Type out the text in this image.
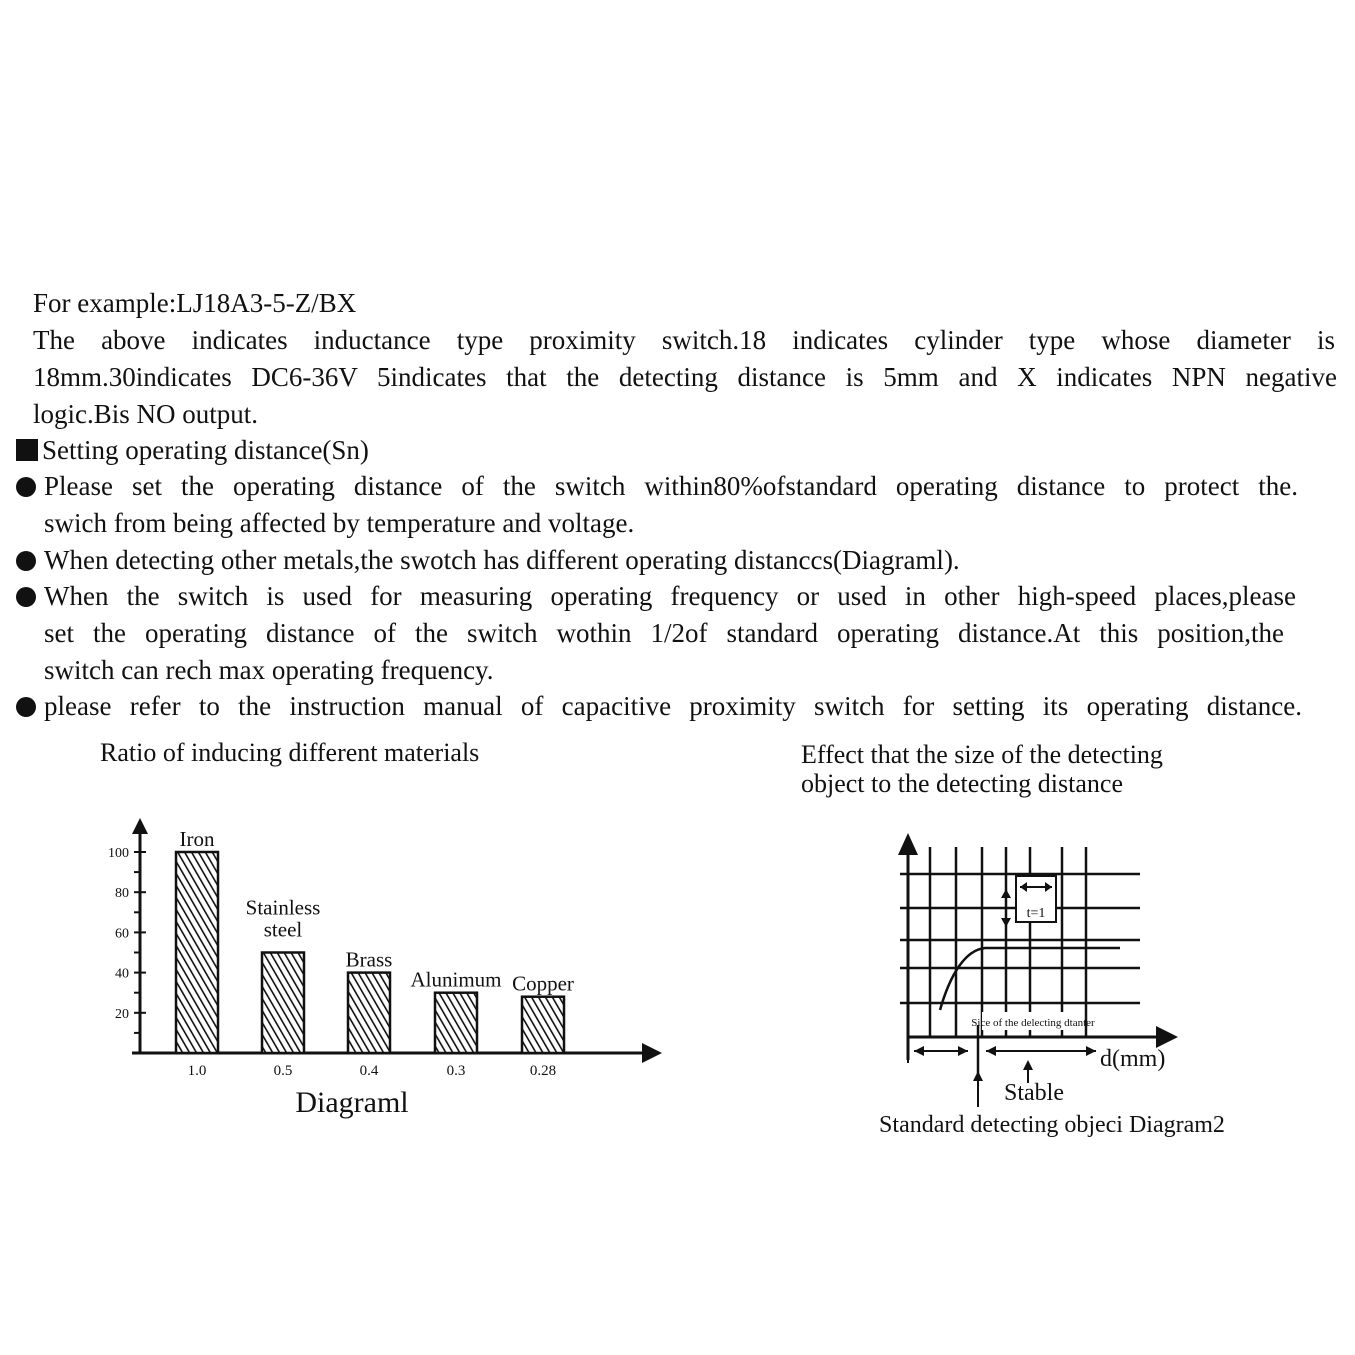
For example:LJ18A3-5-Z/BX
The above indicates inductance type proximity switch.18 indicates cylinder type whose diameter is
18mm.30indicates DC6-36V 5indicates that the detecting distance is 5mm and X indicates NPN negative
logic.Bis NO output.
Setting operating distance(Sn)
Please set the operating distance of the switch within80%ofstandard operating distance to protect the.
swich from being affected by temperature and voltage.
When detecting other metals,the swotch has different operating distanccs(Diagraml).
When the switch is used for measuring operating frequency or used in other high-speed places,please
set the operating distance of the switch wothin 1/2of standard operating distance.At this position,the
switch can rech max operating frequency.
please refer to the instruction manual of capacitive proximity switch for setting its operating distance.
Ratio of inducing different materials	Effect that the size of the detecting
object to the detecting distance
100
80
60
40
20
1.0
Iron
0.5
Stainless steel
0.4
Brass
0.3
Alunimum
0.28
Copper
Diagraml
t=1
Sice of the delecting dtanter
d(mm)
Stable
Standard detecting objeci Diagram2
